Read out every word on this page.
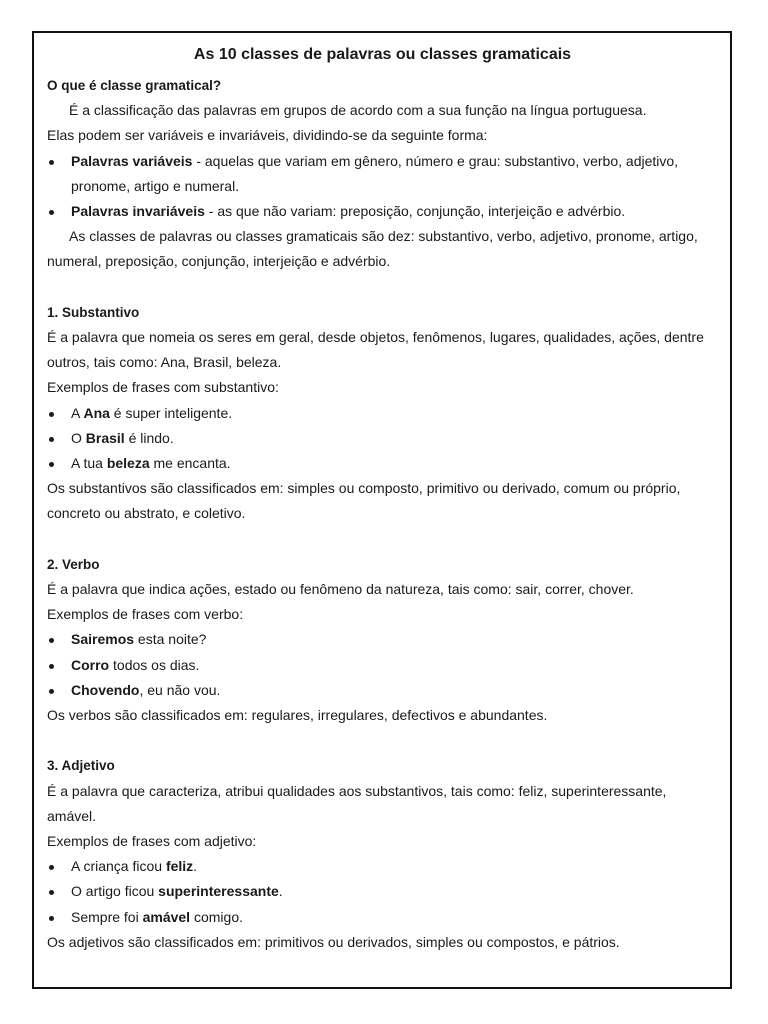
As 10 classes de palavras ou classes gramaticais

O que é classe gramatical?

É a classificação das palavras em grupos de acordo com a sua função na língua portuguesa.

Elas podem ser variáveis e invariáveis, dividindo-se da seguinte forma:

Palavras variáveis - aquelas que variam em gênero, número e grau: substantivo, verbo, adjetivo, pronome, artigo e numeral.
Palavras invariáveis - as que não variam: preposição, conjunção, interjeição e advérbio.

As classes de palavras ou classes gramaticais são dez: substantivo, verbo, adjetivo, pronome, artigo, numeral, preposição, conjunção, interjeição e advérbio.

1. Substantivo

É a palavra que nomeia os seres em geral, desde objetos, fenômenos, lugares, qualidades, ações, dentre outros, tais como: Ana, Brasil, beleza.

Exemplos de frases com substantivo:

A Ana é super inteligente.
O Brasil é lindo.
A tua beleza me encanta.

Os substantivos são classificados em: simples ou composto, primitivo ou derivado, comum ou próprio, concreto ou abstrato, e coletivo.

2. Verbo

É a palavra que indica ações, estado ou fenômeno da natureza, tais como: sair, correr, chover.

Exemplos de frases com verbo:

Sairemos esta noite?
Corro todos os dias.
Chovendo, eu não vou.

Os verbos são classificados em: regulares, irregulares, defectivos e abundantes.

3. Adjetivo

É a palavra que caracteriza, atribui qualidades aos substantivos, tais como: feliz, superinteressante, amável.

Exemplos de frases com adjetivo:

A criança ficou feliz.
O artigo ficou superinteressante.
Sempre foi amável comigo.

Os adjetivos são classificados em: primitivos ou derivados, simples ou compostos, e pátrios.
